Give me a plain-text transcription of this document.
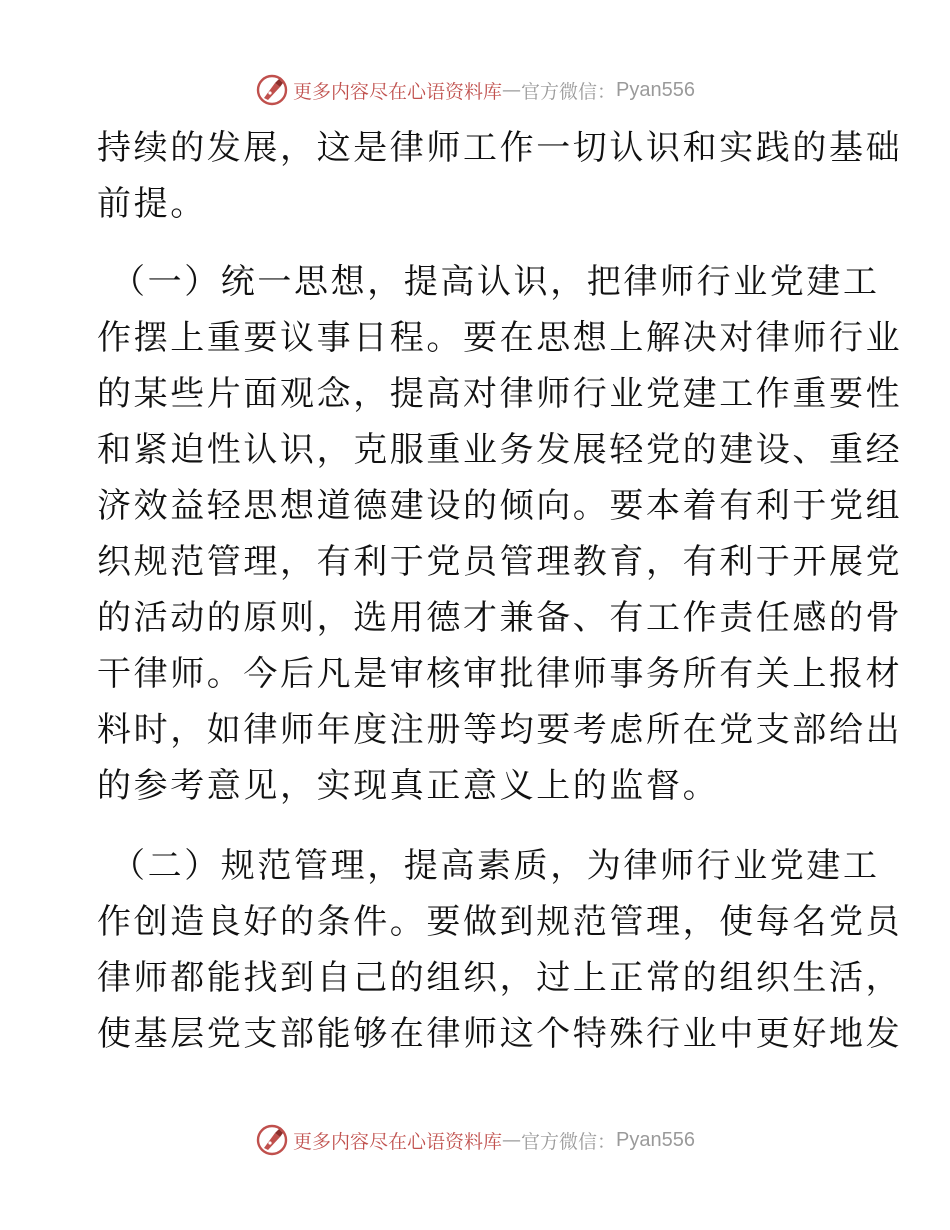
更多内容尽在心语资料库 — 官方微信： Pyan556
持续的发展，这是律师工作一切认识和实践的基础
前提。
（一）统一思想，提高认识，把律师行业党建工
作摆上重要议事日程。要在思想上解决对律师行业
的某些片面观念，提高对律师行业党建工作重要性
和紧迫性认识，克服重业务发展轻党的建设、重经
济效益轻思想道德建设的倾向。要本着有利于党组
织规范管理，有利于党员管理教育，有利于开展党
的活动的原则，选用德才兼备、有工作责任感的骨
干律师。今后凡是审核审批律师事务所有关上报材
料时，如律师年度注册等均要考虑所在党支部给出
的参考意见，实现真正意义上的监督。
（二）规范管理，提高素质，为律师行业党建工
作创造良好的条件。要做到规范管理，使每名党员
律师都能找到自己的组织，过上正常的组织生活，
使基层党支部能够在律师这个特殊行业中更好地发
更多内容尽在心语资料库 — 官方微信： Pyan556
